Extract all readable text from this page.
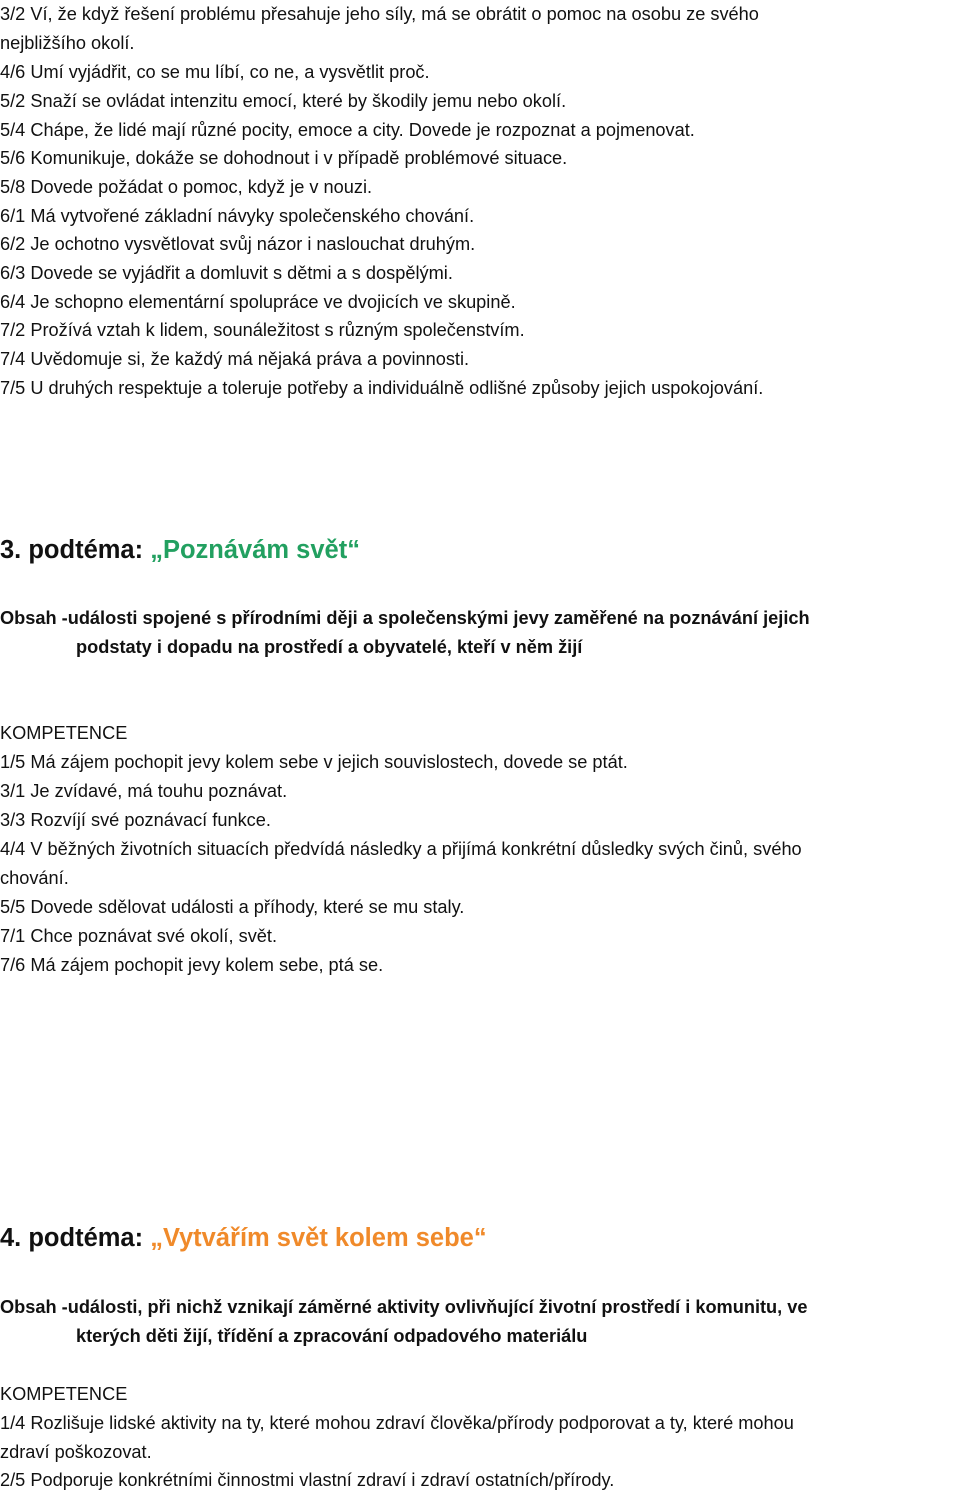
3/2 Ví, že když řešení problému přesahuje jeho síly, má se obrátit o pomoc na osobu ze svého

nejbližšího okolí.

4/6 Umí vyjádřit, co se mu líbí, co ne, a vysvětlit proč.

5/2 Snaží se ovládat intenzitu emocí, které by škodily jemu nebo okolí.

5/4 Chápe, že lidé mají různé pocity, emoce a city. Dovede je rozpoznat a pojmenovat.

5/6 Komunikuje, dokáže se dohodnout i v případě problémové situace.

5/8 Dovede požádat o pomoc, když je v nouzi.

6/1 Má vytvořené základní návyky společenského chování.

6/2 Je ochotno vysvětlovat svůj názor i naslouchat druhým.

6/3 Dovede se vyjádřit a domluvit s dětmi a s dospělými.

6/4 Je schopno elementární spolupráce ve dvojicích ve skupině.

7/2 Prožívá vztah k lidem, sounáležitost s různým společenstvím.

7/4 Uvědomuje si, že každý má nějaká práva a povinnosti.

7/5 U druhých respektuje a toleruje potřeby a individuálně odlišné způsoby jejich uspokojování.

3. podtéma: „Poznávám svět“

Obsah -události spojené s přírodními ději a společenskými jevy zaměřené na poznávání jejich

podstaty i dopadu na prostředí a obyvatelé, kteří v něm žijí

KOMPETENCE

1/5 Má zájem pochopit jevy kolem sebe v jejich souvislostech, dovede se ptát.

3/1 Je zvídavé, má touhu poznávat.

3/3 Rozvíjí své poznávací funkce.

4/4 V běžných životních situacích předvídá následky a přijímá konkrétní důsledky svých činů, svého

chování.

5/5 Dovede sdělovat události a příhody, které se mu staly.

7/1 Chce poznávat své okolí, svět.

7/6 Má zájem pochopit jevy kolem sebe, ptá se.

4. podtéma: „Vytvářím svět kolem sebe“

Obsah -události, při nichž vznikají záměrné aktivity ovlivňující životní prostředí i komunitu, ve

kterých děti žijí, třídění a zpracování odpadového materiálu

KOMPETENCE

1/4 Rozlišuje lidské aktivity na ty, které mohou zdraví člověka/přírody podporovat a ty, které mohou

zdraví poškozovat.

2/5 Podporuje konkrétními činnostmi vlastní zdraví i zdraví ostatních/přírody.
